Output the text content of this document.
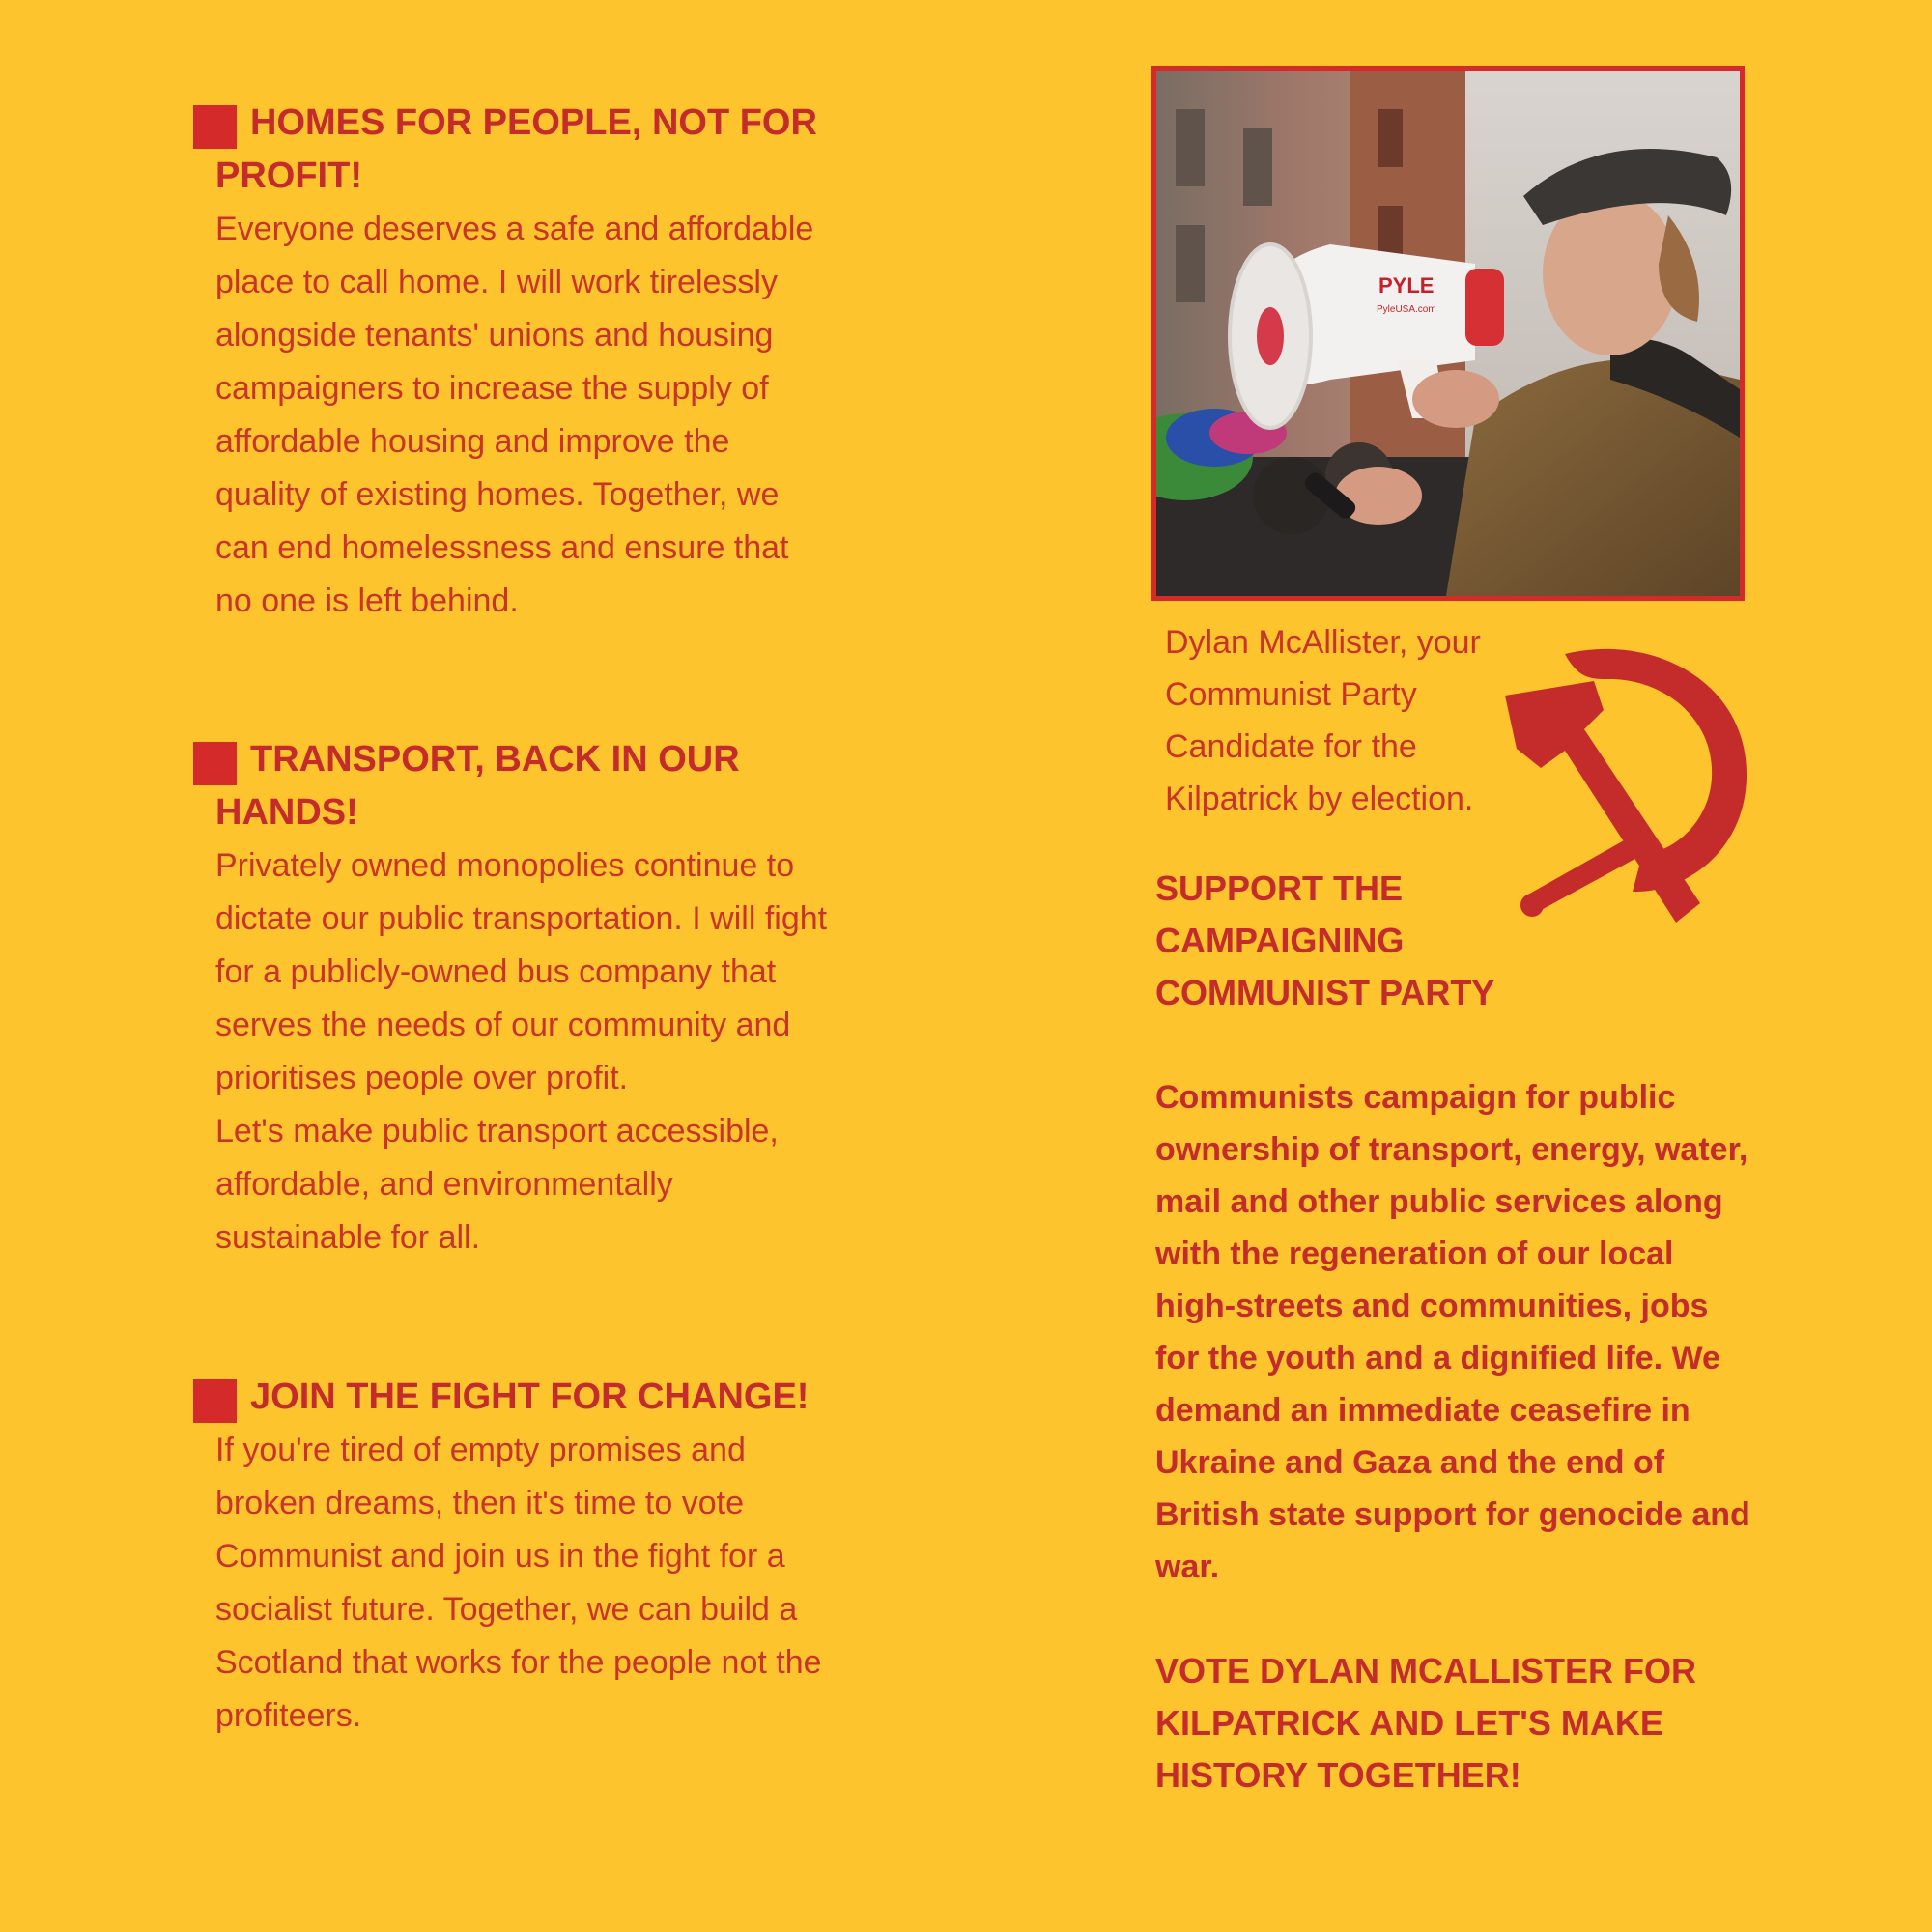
HOMES FOR PEOPLE, NOT FOR PROFIT!

Everyone deserves a safe and affordable place to call home. I will work tirelessly alongside tenants' unions and housing campaigners to increase the supply of affordable housing and improve the quality of existing homes. Together, we can end homelessness and ensure that no one is left behind.

TRANSPORT, BACK IN OUR HANDS!

Privately owned monopolies continue to dictate our public transportation. I will fight for a publicly-owned bus company that serves the needs of our community and prioritises people over profit.

Let's make public transport accessible, affordable, and environmentally sustainable for all.

JOIN THE FIGHT FOR CHANGE!

If you're tired of empty promises and broken dreams, then it's time to vote Communist and join us in the fight for a socialist future. Together, we can build a Scotland that works for the people not the profiteers.

PYLE
PyleUSA.com
Dylan McAllister, your Communist Party Candidate for the Kilpatrick by election.
SUPPORT THE CAMPAIGNING COMMUNIST PARTY

Communists campaign for public ownership of transport, energy, water, mail and other public services along with the regeneration of our local high-streets and communities, jobs for the youth and a dignified life. We demand an immediate ceasefire in Ukraine and Gaza and the end of British state support for genocide and war.

VOTE DYLAN MCALLISTER FOR KILPATRICK AND LET'S MAKE HISTORY TOGETHER!
